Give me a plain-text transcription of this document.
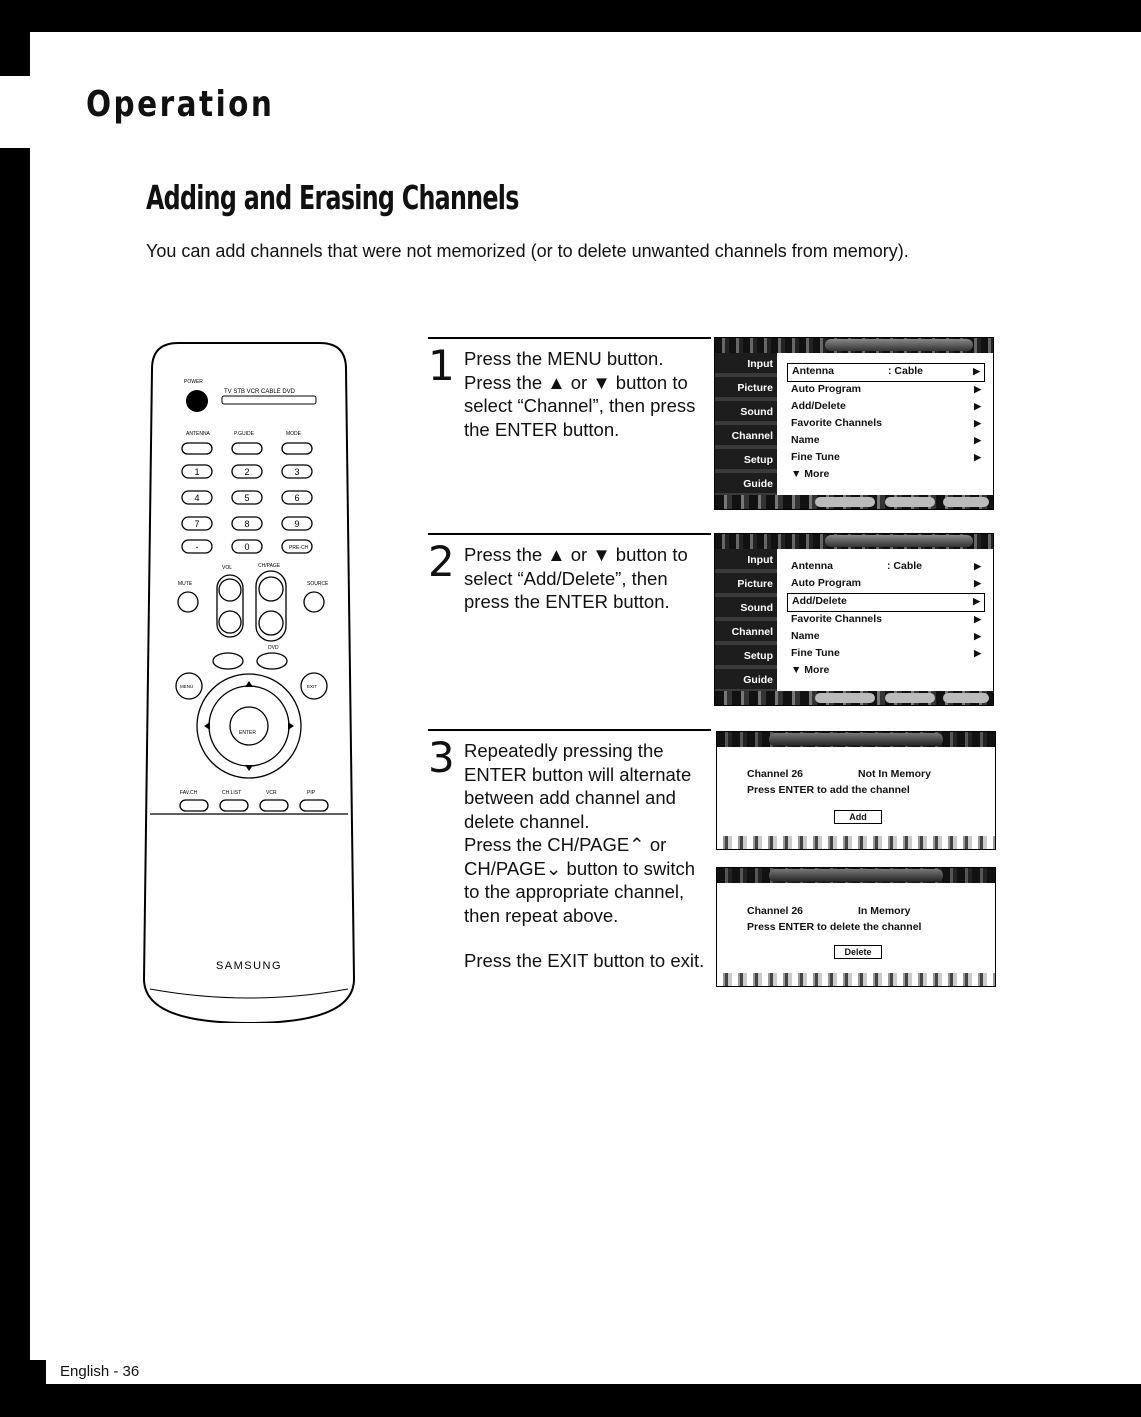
Operation
Adding and Erasing Channels
You can add channels that were not memorized (or to delete unwanted channels from memory).
POWER
TV STB VCR CABLE DVD
ANTENNA	P.GUIDE	MODE
1	2	3
4	5	6
7	8	9
-	0	PRE-CH
VOL	CH/PAGE
MUTE	SOURCE
DVD
MENU	EXIT
ENTER
FAV.CH	CH.LIST	VCR	PIP
SAMSUNG
1 Press the MENU button.
Press the ▲ or ▼ button to select “Channel”, then press the ENTER button.

2 Press the ▲ or ▼ button to select “Add/Delete”, then press the ENTER button.

3 Repeatedly pressing the ENTER button will alternate between add channel and delete channel.
Press the CH/PAGE⌃ or CH/PAGE⌄ button to switch to the appropriate channel, then repeat above.

Press the EXIT button to exit.

Input
Picture
Sound
Channel
Setup
Guide
Antenna	: Cable	▶
Auto Program	▶
Add/Delete	▶
Favorite Channels	▶
Name	▶
Fine Tune	▶
▼ More
Input
Picture
Sound
Channel
Setup
Guide
Antenna	: Cable	▶
Auto Program	▶
Add/Delete	▶
Favorite Channels	▶
Name	▶
Fine Tune	▶
▼ More
Channel 26	Not In Memory
Press ENTER to add the channel
Add
Channel 26	In Memory
Press ENTER to delete the channel
Delete
English - 36
